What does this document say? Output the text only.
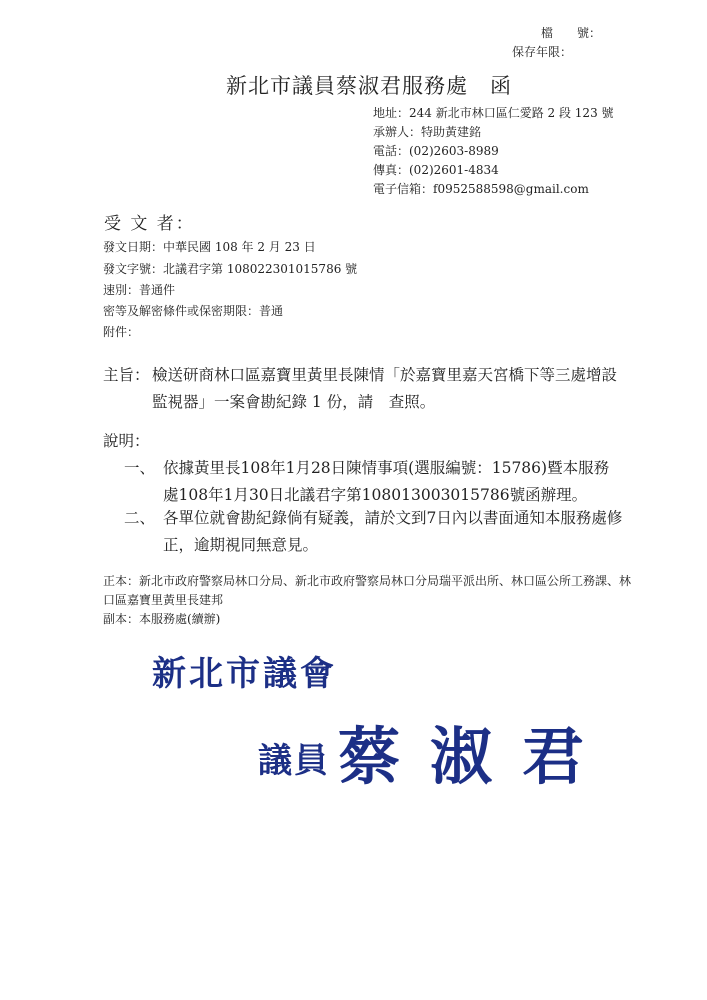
檔　　號：
保存年限：
新北市議員蔡淑君服務處　函
地址：244 新北市林口區仁愛路 2 段 123 號
承辦人：特助黃建銘
電話：(02)2603-8989
傳真：(02)2601-4834
電子信箱：f0952588598@gmail.com
受 文 者：
發文日期：中華民國 108 年 2 月 23 日
發文字號：北議君字第 108022301015786 號
速別：普通件
密等及解密條件或保密期限：普通
附件：
主旨： 檢送研商林口區嘉寶里黃里長陳情「於嘉寶里嘉天宮橋下等三處增設監視器」一案會勘紀錄 1 份，請　查照。
說明：
一、 依據黃里長108年1月28日陳情事項(選服編號：15786)暨本服務處108年1月30日北議君字第108013003015786號函辦理。
二、 各單位就會勘紀錄倘有疑義，請於文到7日內以書面通知本服務處修正，逾期視同無意見。
正本：新北市政府警察局林口分局、新北市政府警察局林口分局瑞平派出所、林口區公所工務課、林口區嘉寶里黃里長建邦
副本：本服務處(續辦)
新北市議會
議員 蔡淑君
